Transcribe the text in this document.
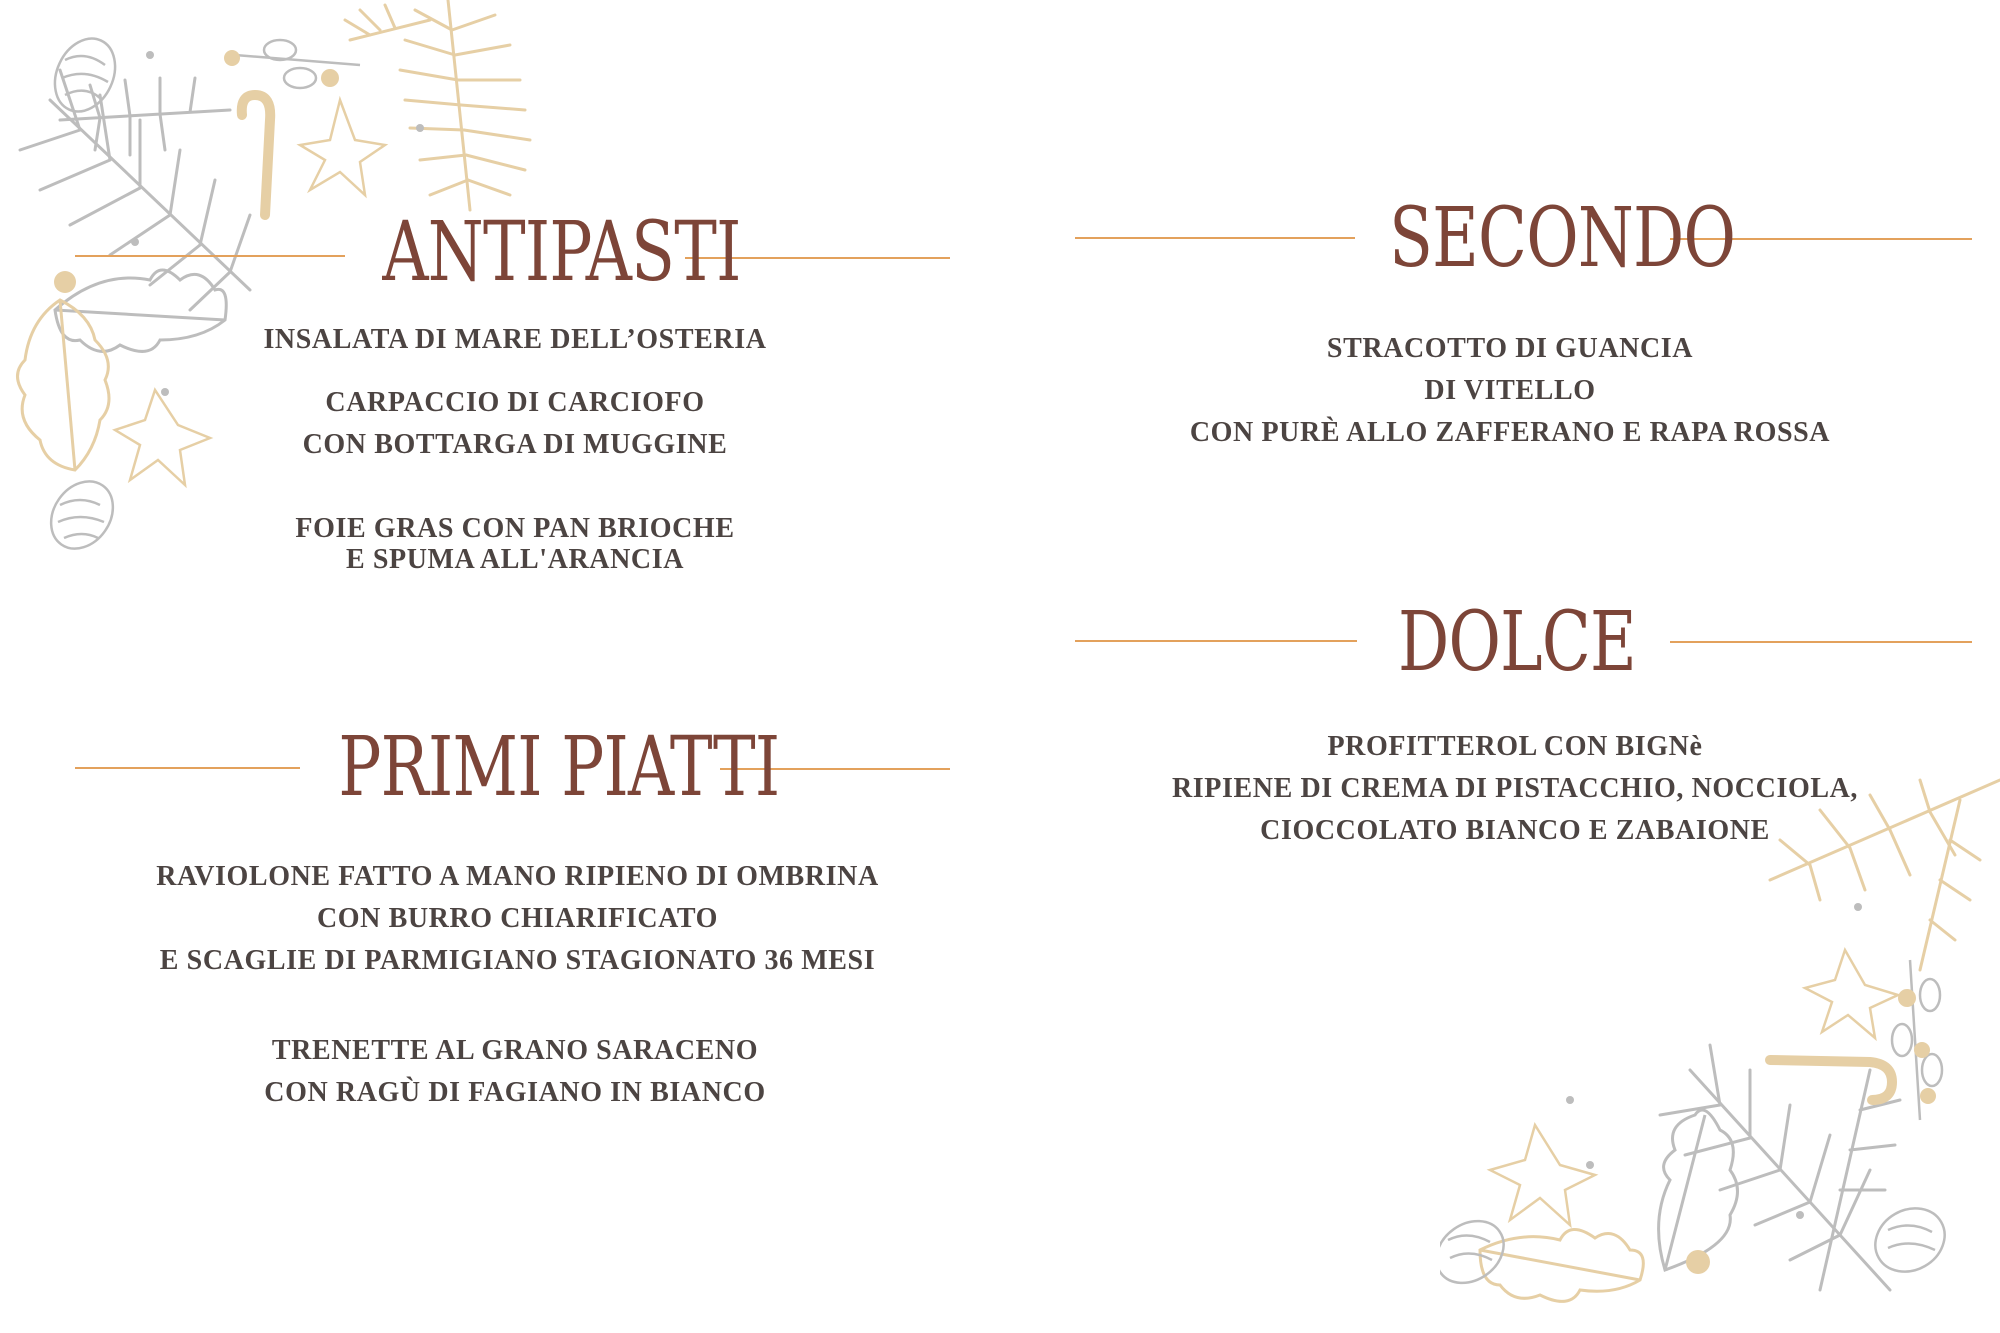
ANTIPASTI
INSALATA DI MARE DELL’OSTERIA
CARPACCIO DI CARCIOFO
CON BOTTARGA DI MUGGINE
FOIE GRAS CON PAN BRIOCHE
E SPUMA ALL'ARANCIA
PRIMI PIATTI
RAVIOLONE FATTO A MANO RIPIENO DI OMBRINA
CON BURRO CHIARIFICATO
E SCAGLIE DI PARMIGIANO STAGIONATO 36 MESI
TRENETTE AL GRANO SARACENO
CON RAGÙ DI FAGIANO IN BIANCO
SECONDO
STRACOTTO DI GUANCIA
DI VITELLO
CON PURÈ ALLO ZAFFERANO E RAPA ROSSA
DOLCE
PROFITTEROL CON BIGNè
RIPIENE DI CREMA DI PISTACCHIO, NOCCIOLA,
CIOCCOLATO BIANCO E ZABAIONE
